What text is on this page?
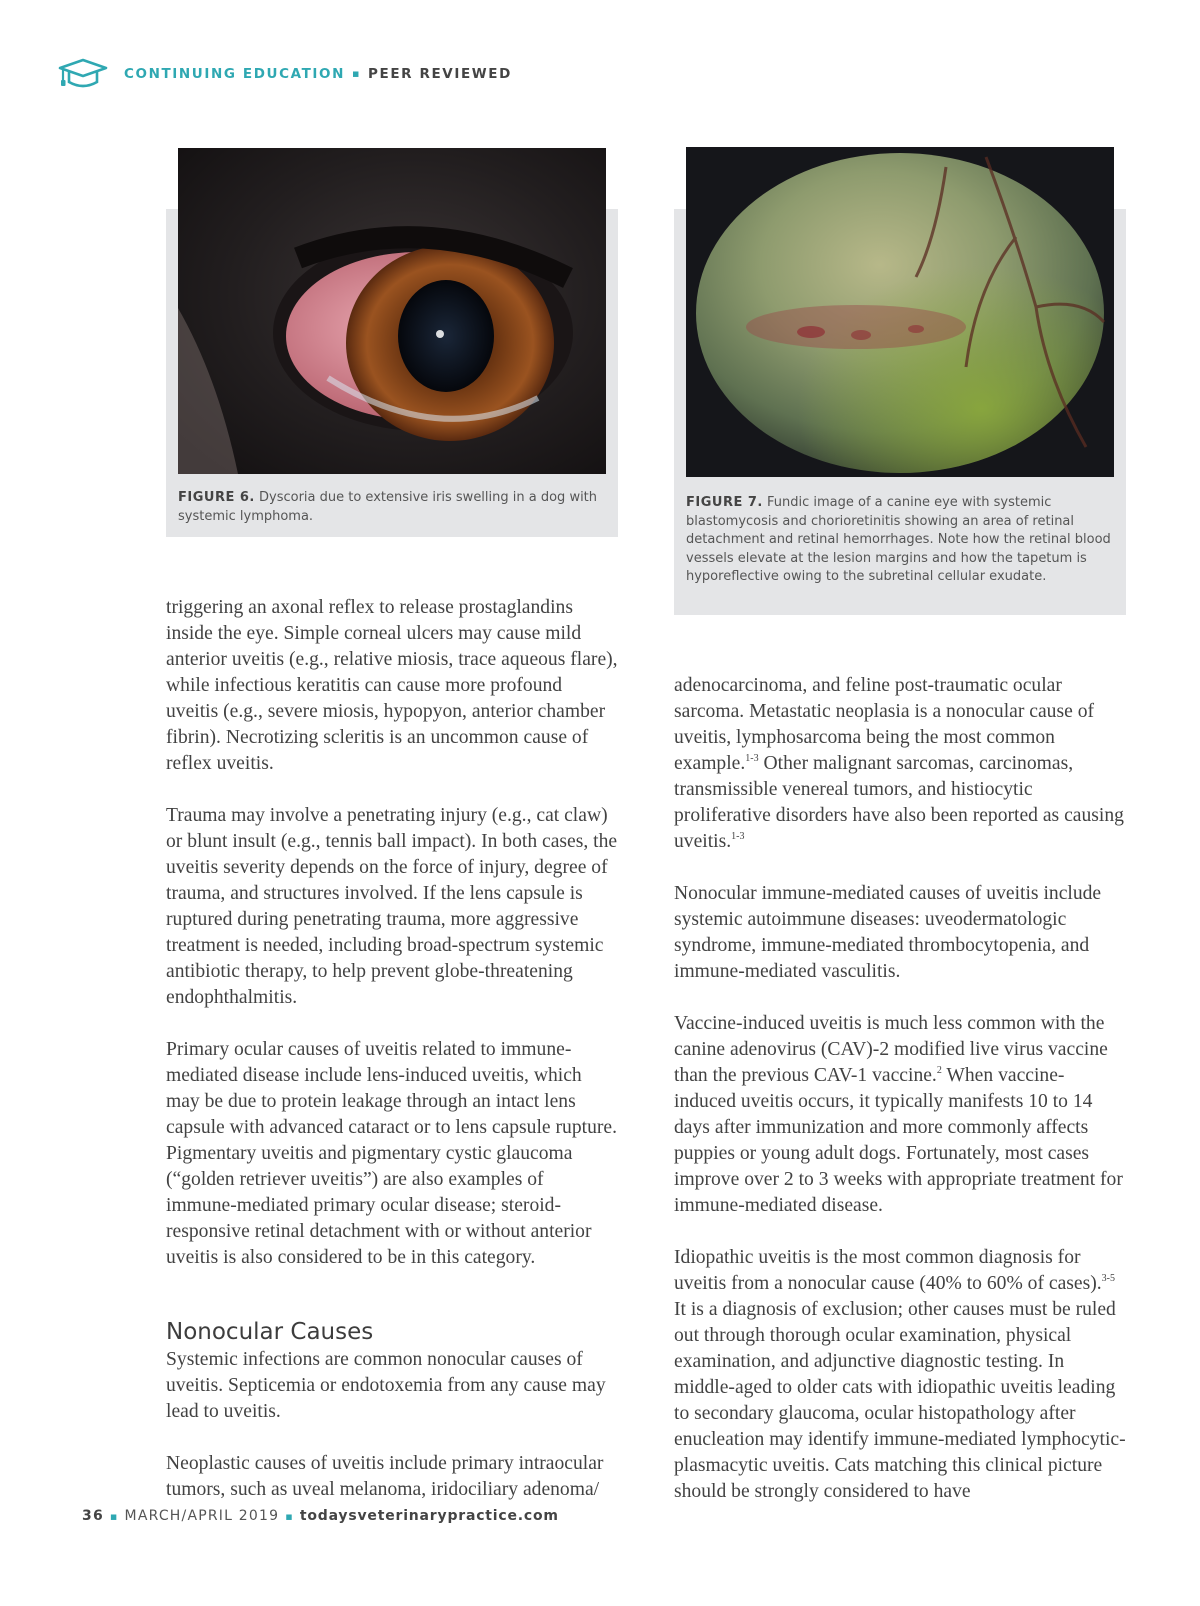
CONTINUING EDUCATION ▪ PEER REVIEWED
FIGURE 6. Dyscoria due to extensive iris swelling in a dog with systemic lymphoma.
FIGURE 7. Fundic image of a canine eye with systemic blastomycosis and chorioretinitis showing an area of retinal detachment and retinal hemorrhages. Note how the retinal blood vessels elevate at the lesion margins and how the tapetum is hyporeflective owing to the subretinal cellular exudate.

triggering an axonal reflex to release prostaglandins inside the eye. Simple corneal ulcers may cause mild anterior uveitis (e.g., relative miosis, trace aqueous flare), while infectious keratitis can cause more profound uveitis (e.g., severe miosis, hypopyon, anterior chamber fibrin). Necrotizing scleritis is an uncommon cause of reflex uveitis.

Trauma may involve a penetrating injury (e.g., cat claw) or blunt insult (e.g., tennis ball impact). In both cases, the uveitis severity depends on the force of injury, degree of trauma, and structures involved. If the lens capsule is ruptured during penetrating trauma, more aggressive treatment is needed, including broad-spectrum systemic antibiotic therapy, to help prevent globe-threatening endophthalmitis.

Primary ocular causes of uveitis related to immune-mediated disease include lens-induced uveitis, which may be due to protein leakage through an intact lens capsule with advanced cataract or to lens capsule rupture. Pigmentary uveitis and pigmentary cystic glaucoma (“golden retriever uveitis”) are also examples of immune-mediated primary ocular disease; steroid-responsive retinal detachment with or without anterior uveitis is also considered to be in this category.

Nonocular Causes

Systemic infections are common nonocular causes of uveitis. Septicemia or endotoxemia from any cause may lead to uveitis.

Neoplastic causes of uveitis include primary intraocular tumors, such as uveal melanoma, iridociliary adenoma/

adenocarcinoma, and feline post-traumatic ocular sarcoma. Metastatic neoplasia is a nonocular cause of uveitis, lymphosarcoma being the most common example.$^{1-3}$ Other malignant sarcomas, carcinomas, transmissible venereal tumors, and histiocytic proliferative disorders have also been reported as causing uveitis.$^{1-3}$

Nonocular immune-mediated causes of uveitis include systemic autoimmune diseases: uveodermatologic syndrome, immune-mediated thrombocytopenia, and immune-mediated vasculitis.

Vaccine-induced uveitis is much less common with the canine adenovirus (CAV)-2 modified live virus vaccine than the previous CAV-1 vaccine.$^2$ When vaccine-induced uveitis occurs, it typically manifests 10 to 14 days after immunization and more commonly affects puppies or young adult dogs. Fortunately, most cases improve over 2 to 3 weeks with appropriate treatment for immune-mediated disease.

Idiopathic uveitis is the most common diagnosis for uveitis from a nonocular cause (40% to 60% of cases).$^{3-5}$ It is a diagnosis of exclusion; other causes must be ruled out through thorough ocular examination, physical examination, and adjunctive diagnostic testing. In middle-aged to older cats with idiopathic uveitis leading to secondary glaucoma, ocular histopathology after enucleation may identify immune-mediated lymphocytic-plasmacytic uveitis. Cats matching this clinical picture should be strongly considered to have

36 ▪ MARCH/APRIL 2019 ▪ todaysveterinarypractice.com
